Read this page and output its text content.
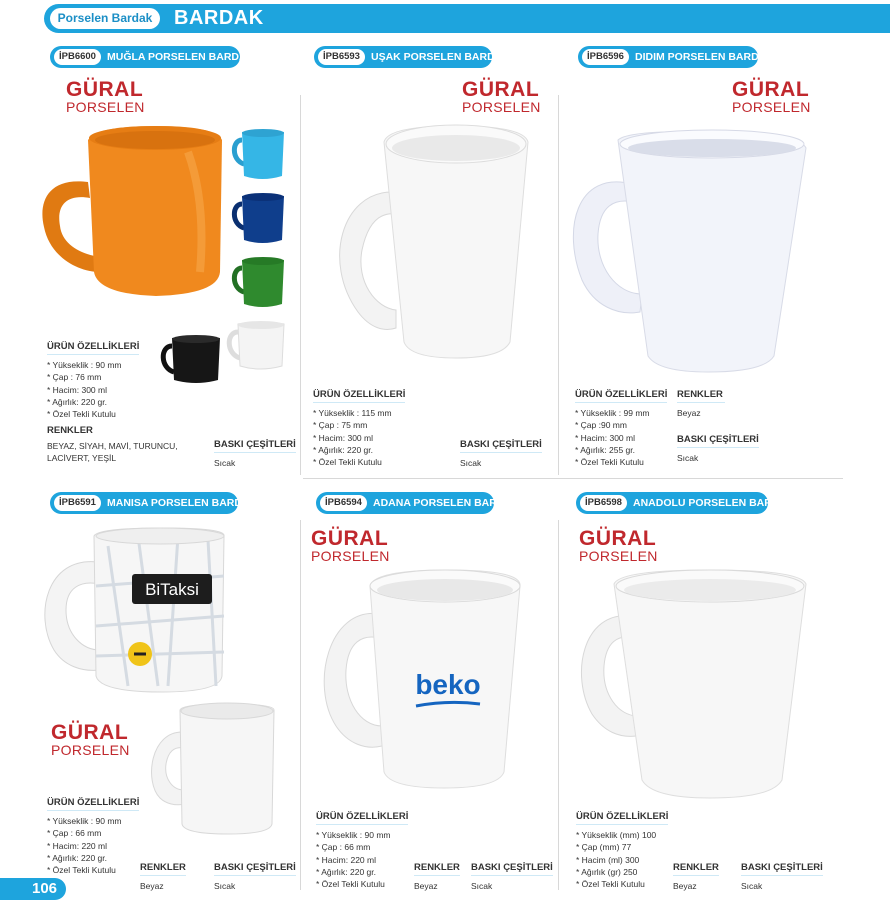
Porselen Bardak	BARDAK
İPB6600 MUĞLA PORSELEN BARDAK
GÜRAL
PORSELEN
ÜRÜN ÖZELLİKLERİ
* Yükseklik : 90 mm
* Çap : 76 mm
* Hacim: 300 ml
* Ağırlık: 220 gr.
* Özel Tekli Kutulu
RENKLER
BEYAZ, SİYAH, MAVİ, TURUNCU, LACİVERT, YEŞİL
BASKI ÇEŞİTLERİ
Sıcak
İPB6593 UŞAK PORSELEN BARDAK
GÜRAL
PORSELEN
ÜRÜN ÖZELLİKLERİ
* Yükseklik : 115 mm
* Çap : 75 mm
* Hacim: 300 ml
* Ağırlık: 220 gr.
* Özel Tekli Kutulu
BASKI ÇEŞİTLERİ
Sıcak
İPB6596 DIDIM PORSELEN BARDAK
GÜRAL
PORSELEN
ÜRÜN ÖZELLİKLERİ
* Yükseklik : 99 mm
* Çap :90 mm
* Hacim: 300 ml
* Ağırlık: 255 gr.
* Özel Tekli Kutulu
RENKLER
Beyaz
BASKI ÇEŞİTLERİ
Sıcak
İPB6591 MANISA PORSELEN BARDAK
BiTaksi
GÜRAL
PORSELEN
ÜRÜN ÖZELLİKLERİ
* Yükseklik : 90 mm
* Çap : 66 mm
* Hacim: 220 ml
* Ağırlık: 220 gr.
* Özel Tekli Kutulu	RENKLER
Beyaz
BASKI ÇEŞİTLERİ
Sıcak
İPB6594 ADANA PORSELEN BARDAK
GÜRAL
PORSELEN
beko
ÜRÜN ÖZELLİKLERİ
* Yükseklik : 90 mm
* Çap : 66 mm
* Hacim: 220 ml
* Ağırlık: 220 gr.
* Özel Tekli Kutulu
RENKLER
Beyaz
BASKI ÇEŞİTLERİ
Sıcak
İPB6598 ANADOLU PORSELEN BARDAK
GÜRAL
PORSELEN
ÜRÜN ÖZELLİKLERİ
* Yükseklik (mm) 100
* Çap (mm) 77
* Hacim (ml) 300
* Ağırlık (gr) 250
* Özel Tekli Kutulu
RENKLER
Beyaz
BASKI ÇEŞİTLERİ
Sıcak
106
